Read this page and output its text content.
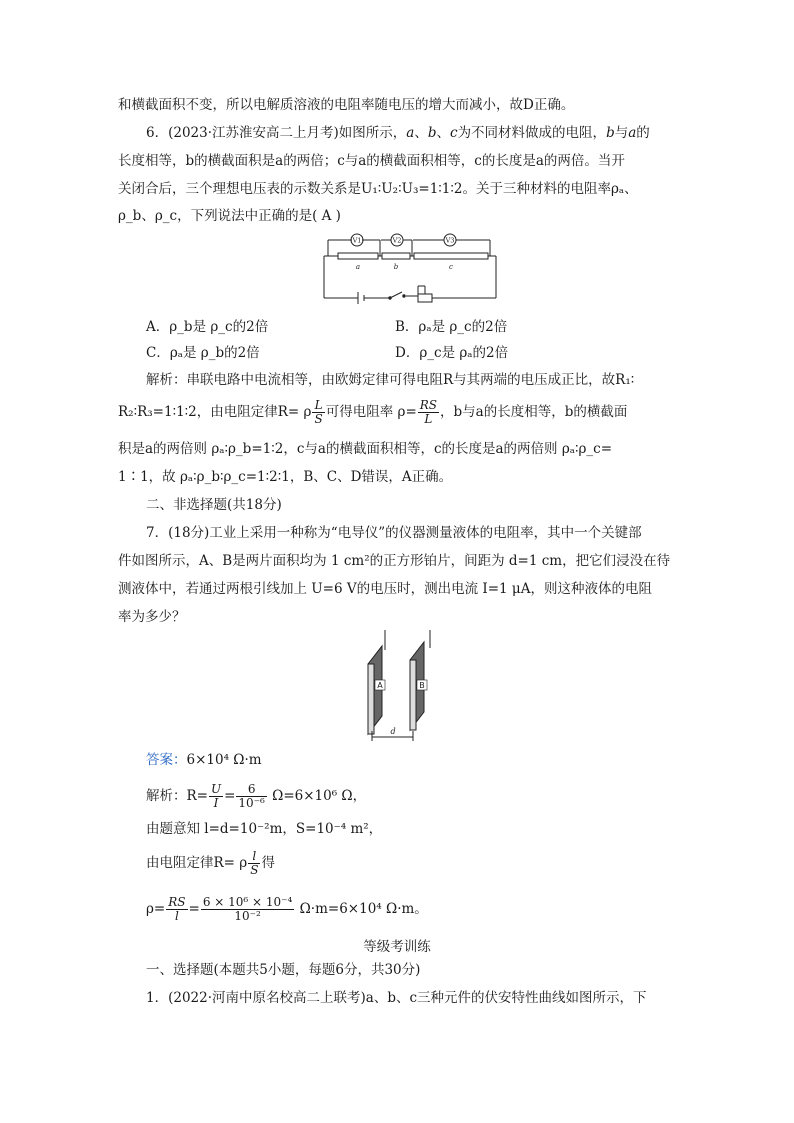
和横截面积不变，所以电解质溶液的电阻率随电压的增大而减小，故D正确。
6．(2023·江苏淮安高二上月考)如图所示，a、b、c为不同材料做成的电阻，b与a的
长度相等，b的横截面积是a的两倍；c与a的横截面积相等，c的长度是a的两倍。当开
关闭合后，三个理想电压表的示数关系是U₁∶U₂∶U₃=1∶1∶2。关于三种材料的电阻率ρₐ、
ρ_b、ρ_c，下列说法中正确的是( A )
V1	V2	V3
a	b	c
A．ρ_b是 ρ_c的2倍	B．ρₐ是 ρ_c的2倍
C．ρₐ是 ρ_b的2倍	D．ρ_c是 ρₐ的2倍
解析：串联电路中电流相等，由欧姆定律可得电阻R与其两端的电压成正比，故R₁∶
R₂∶R₃=1∶1∶2，由电阻定律R= ρ $\frac{L}{S}$ 可得电阻率 $\rho= \frac{RS}{L}$ ，b与a的长度相等，b的横截面
积是a的两倍则 ρₐ∶ρ_b=1∶2，c与a的横截面积相等，c的长度是a的两倍则 ρₐ∶ρ_c=
1∶1，故 ρₐ∶ρ_b∶ρ_c=1∶2∶1，B、C、D错误，A正确。
二、非选择题(共18分)
7．(18分)工业上采用一种称为“电导仪”的仪器测量液体的电阻率，其中一个关键部
件如图所示，A、B是两片面积均为 1 cm²的正方形铂片，间距为 d=1 cm，把它们浸没在待
测液体中，若通过两根引线加上 U=6 V的电压时，测出电流 I=1 μA，则这种液体的电阻
率为多少？
A	B
d
答案：6×10⁴ Ω·m
解析：$R= \frac{U}{I} = \frac{6}{\text{10⁻⁶}} \Omega=6\times 10^6$ Ω，
由题意知 l=d=10⁻²m，S=10⁻⁴ m²，
由电阻定律R= ρ $\frac{l}{S}$ 得
$\rho= \frac{RS}{l} = \frac{\text{6 × 10⁶ × 10⁻⁴}}{\text{10⁻²}} \Omega\cdot m=6\times 10^4$ Ω·m。
等级考训练
一、选择题(本题共5小题，每题6分，共30分)
1．(2022·河南中原名校高二上联考)a、b、c三种元件的伏安特性曲线如图所示，下
